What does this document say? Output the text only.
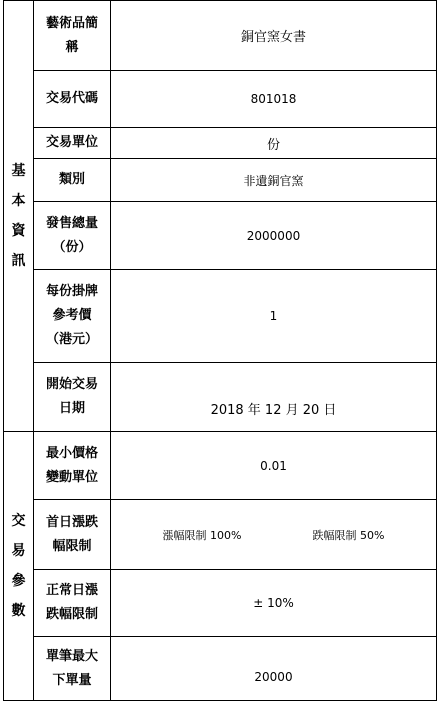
基
本
資
訊	藝術品簡稱	銅官窯女書
	交易代碼	801018
	交易單位	份
	類別	非遺銅官窯
	發售總量（份）	2000000
	每份掛牌參考價（港元）	1
	開始交易日期	2018 年 12 月 20 日

交
易
參
數	最小價格變動單位	0.01
	首日漲跌幅限制	漲幅限制 100% 跌幅限制 50%

	正常日漲跌幅限制	± 10%
	單筆最大下單量	20000
